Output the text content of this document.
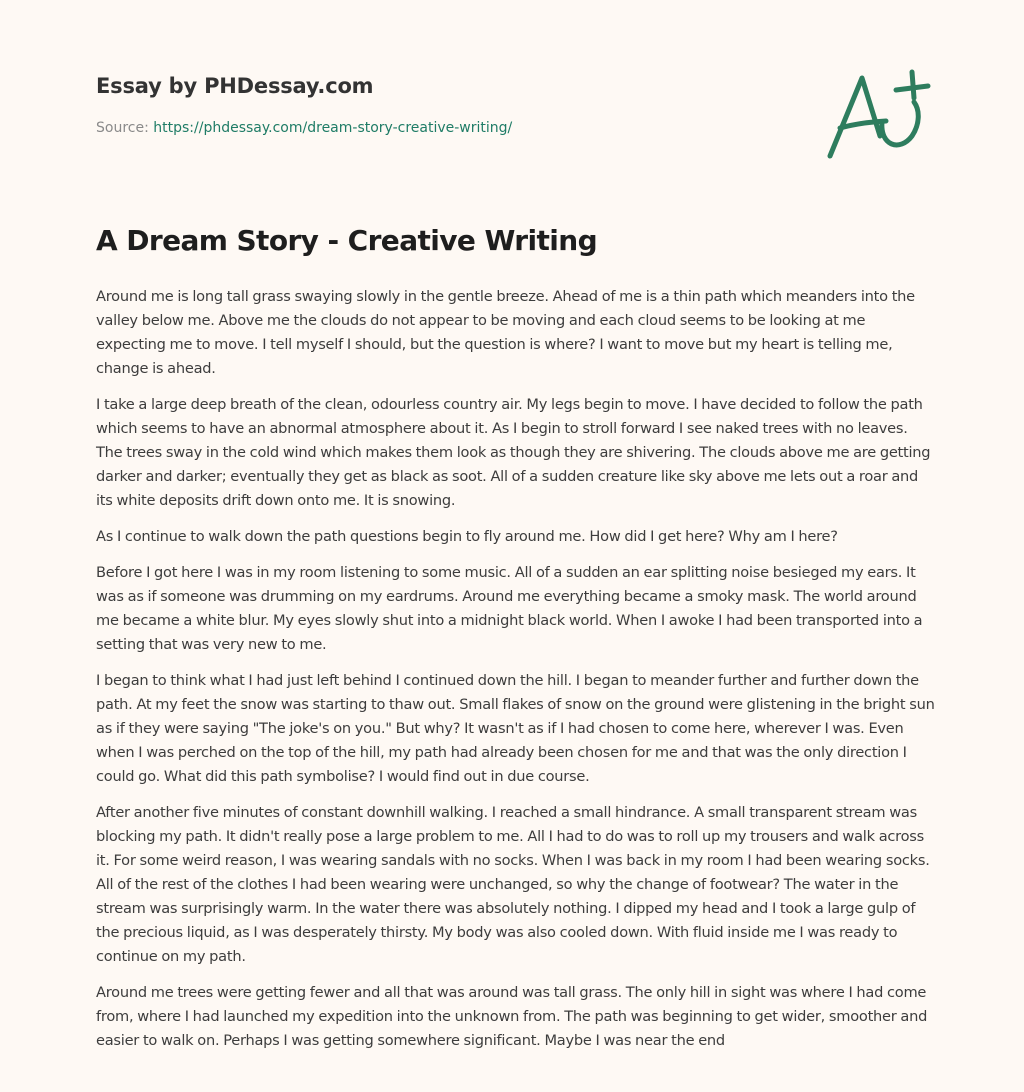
Essay by PHDessay.com
Source: https://phdessay.com/dream-story-creative-writing/
A Dream Story - Creative Writing

Around me is long tall grass swaying slowly in the gentle breeze. Ahead of me is a thin path which meanders into the valley below me. Above me the clouds do not appear to be moving and each cloud seems to be looking at me expecting me to move. I tell myself I should, but the question is where? I want to move but my heart is telling me, change is ahead.

I take a large deep breath of the clean, odourless country air. My legs begin to move. I have decided to follow the path which seems to have an abnormal atmosphere about it. As I begin to stroll forward I see naked trees with no leaves. The trees sway in the cold wind which makes them look as though they are shivering. The clouds above me are getting darker and darker; eventually they get as black as soot. All of a sudden creature like sky above me lets out a roar and its white deposits drift down onto me. It is snowing.

As I continue to walk down the path questions begin to fly around me. How did I get here? Why am I here?

Before I got here I was in my room listening to some music. All of a sudden an ear splitting noise besieged my ears. It was as if someone was drumming on my eardrums. Around me everything became a smoky mask. The world around me became a white blur. My eyes slowly shut into a midnight black world. When I awoke I had been transported into a setting that was very new to me.

I began to think what I had just left behind I continued down the hill. I began to meander further and further down the path. At my feet the snow was starting to thaw out. Small flakes of snow on the ground were glistening in the bright sun as if they were saying "The joke's on you." But why? It wasn't as if I had chosen to come here, wherever I was. Even when I was perched on the top of the hill, my path had already been chosen for me and that was the only direction I could go. What did this path symbolise? I would find out in due course.

After another five minutes of constant downhill walking. I reached a small hindrance. A small transparent stream was blocking my path. It didn't really pose a large problem to me. All I had to do was to roll up my trousers and walk across it. For some weird reason, I was wearing sandals with no socks. When I was back in my room I had been wearing socks. All of the rest of the clothes I had been wearing were unchanged, so why the change of footwear? The water in the stream was surprisingly warm. In the water there was absolutely nothing. I dipped my head and I took a large gulp of the precious liquid, as I was desperately thirsty. My body was also cooled down. With fluid inside me I was ready to continue on my path.

Around me trees were getting fewer and all that was around was tall grass. The only hill in sight was where I had come from, where I had launched my expedition into the unknown from. The path was beginning to get wider, smoother and easier to walk on. Perhaps I was getting somewhere significant. Maybe I was near the end
